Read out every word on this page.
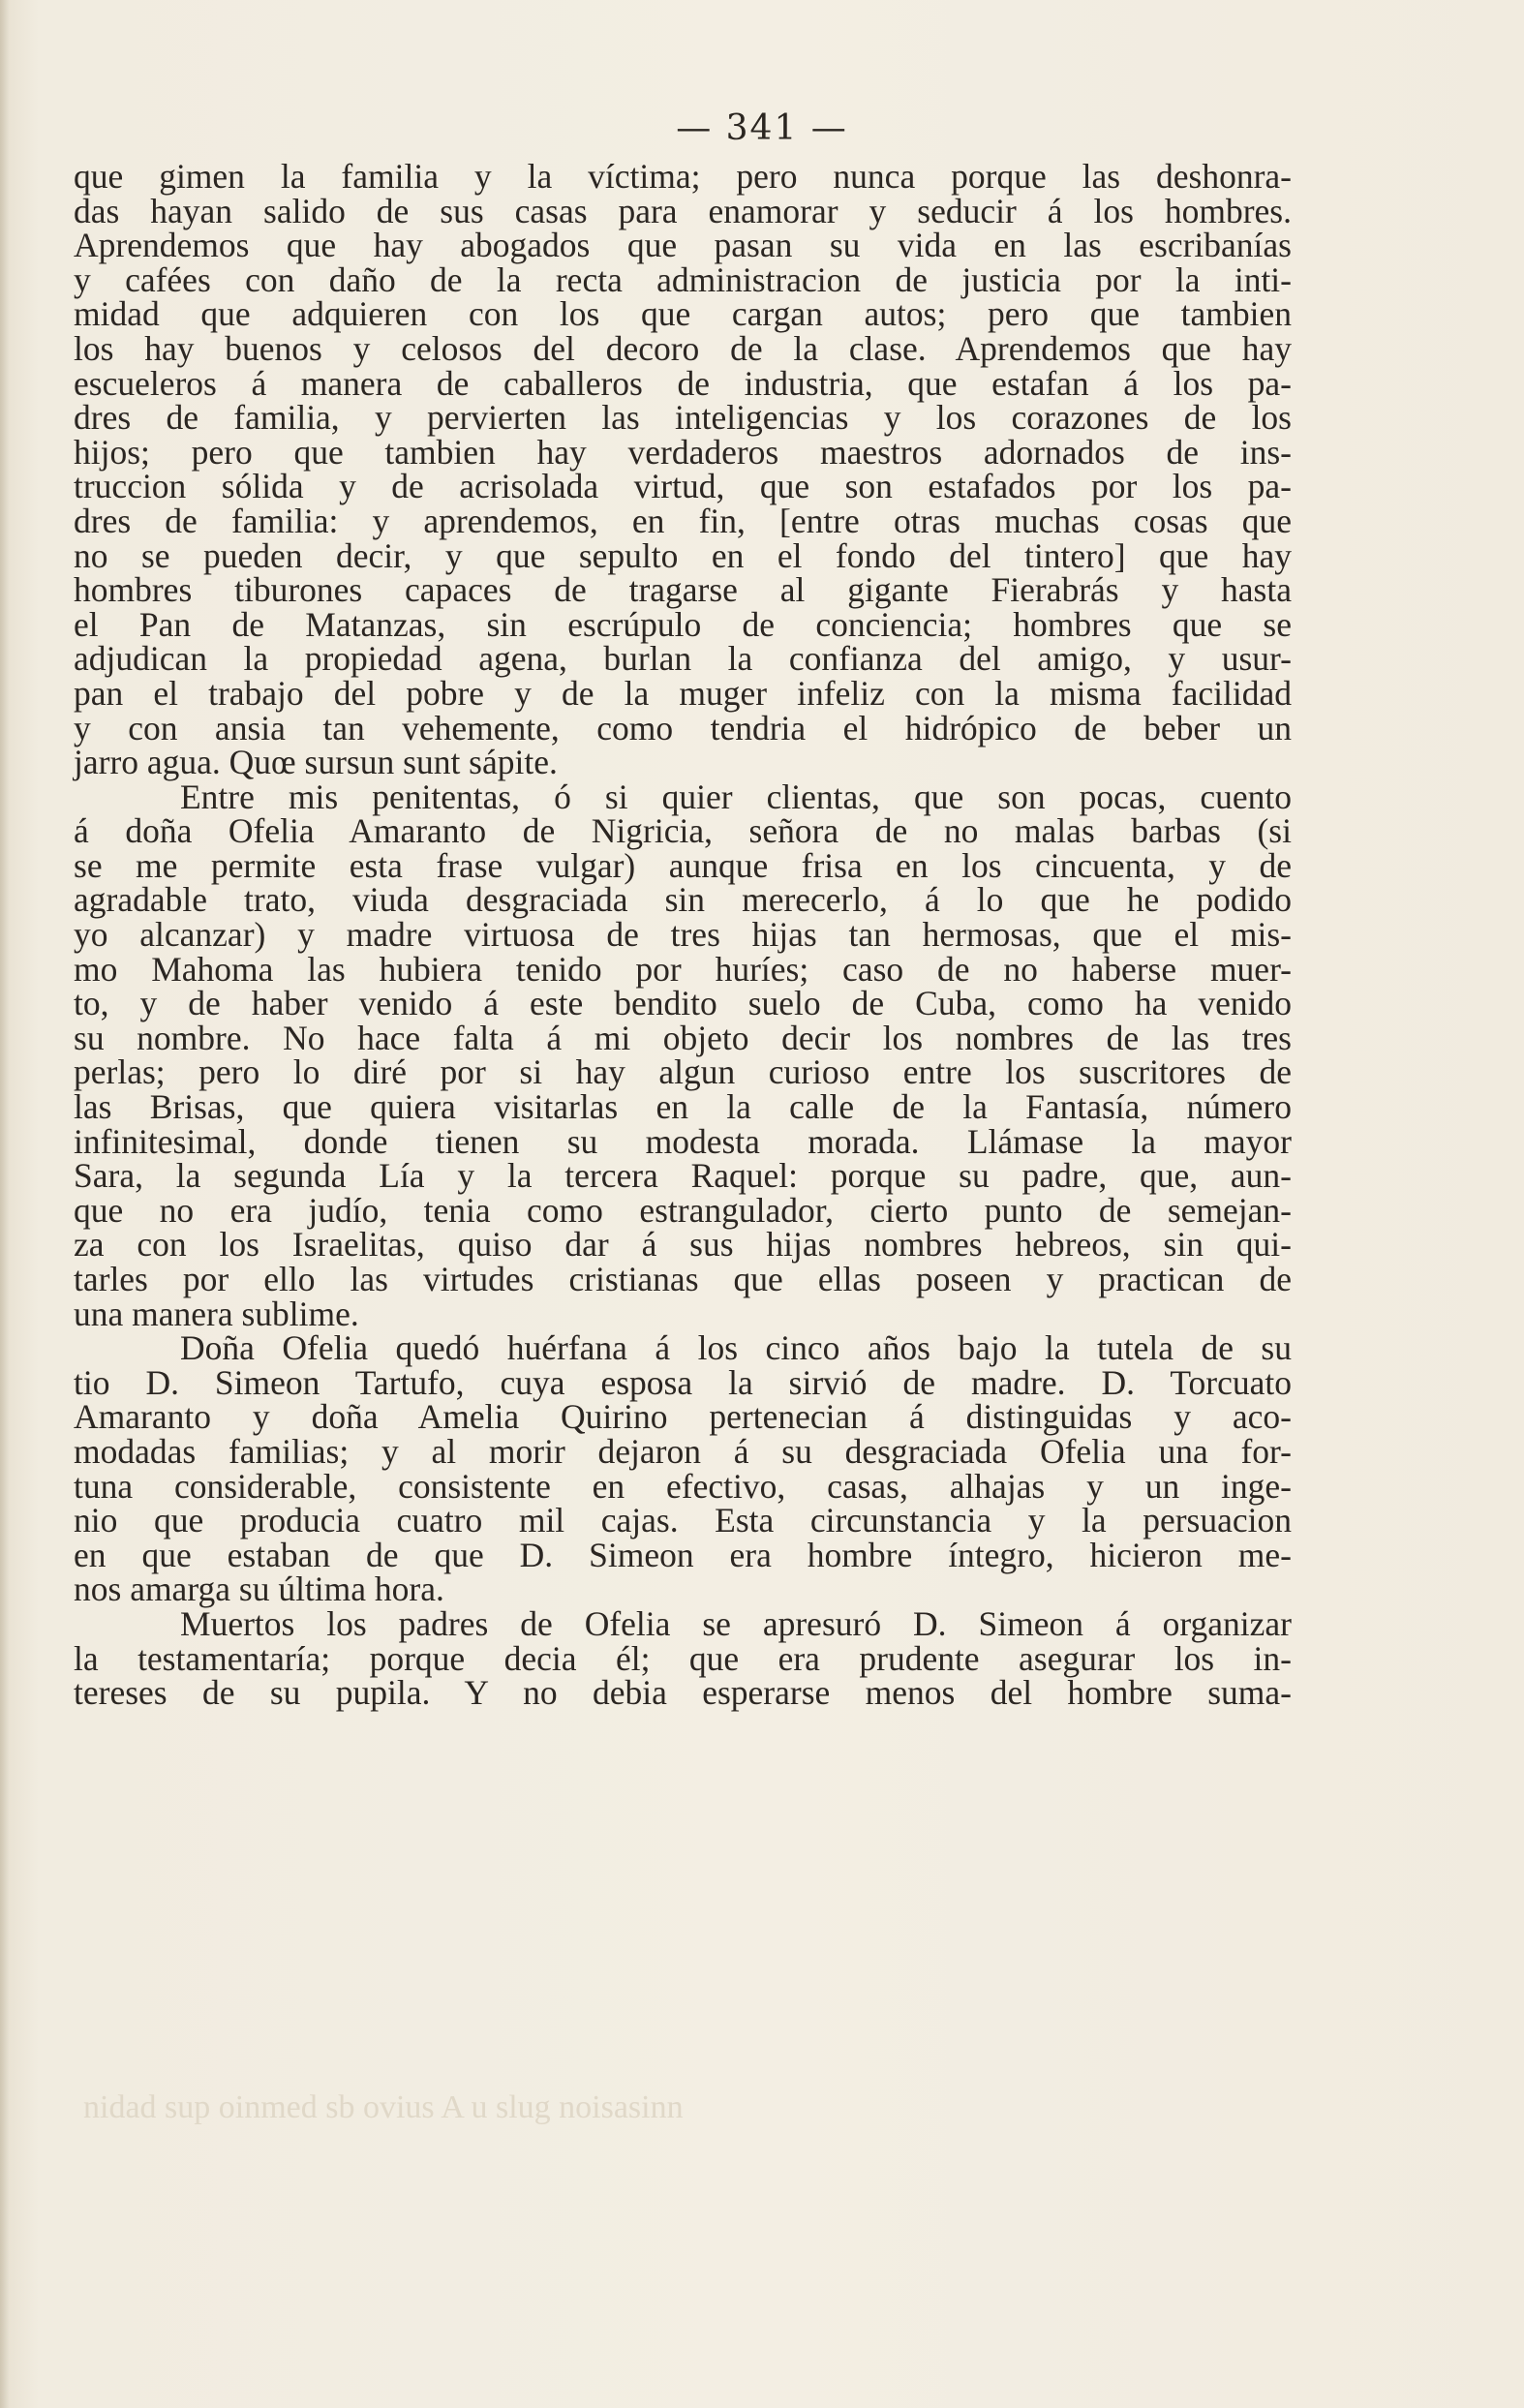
— 341 —
que gimen la familia y la víctima; pero nunca porque las deshonra-
das hayan salido de sus casas para enamorar y seducir á los hombres.
Aprendemos que hay abogados que pasan su vida en las escribanías
y cafées con daño de la recta administracion de justicia por la inti-
midad que adquieren con los que cargan autos; pero que tambien
los hay buenos y celosos del decoro de la clase. Aprendemos que hay
escueleros á manera de caballeros de industria, que estafan á los pa-
dres de familia, y pervierten las inteligencias y los corazones de los
hijos; pero que tambien hay verdaderos maestros adornados de ins-
truccion sólida y de acrisolada virtud, que son estafados por los pa-
dres de familia: y aprendemos, en fin, [entre otras muchas cosas que
no se pueden decir, y que sepulto en el fondo del tintero] que hay
hombres tiburones capaces de tragarse al gigante Fierabrás y hasta
el Pan de Matanzas, sin escrúpulo de conciencia; hombres que se
adjudican la propiedad agena, burlan la confianza del amigo, y usur-
pan el trabajo del pobre y de la muger infeliz con la misma facilidad
y con ansia tan vehemente, como tendria el hidrópico de beber un
jarro agua. Quœ sursun sunt sápite.
Entre mis penitentas, ó si quier clientas, que son pocas, cuento
á doña Ofelia Amaranto de Nigricia, señora de no malas barbas (si
se me permite esta frase vulgar) aunque frisa en los cincuenta, y de
agradable trato, viuda desgraciada sin merecerlo, á lo que he podido
yo alcanzar) y madre virtuosa de tres hijas tan hermosas, que el mis-
mo Mahoma las hubiera tenido por huríes; caso de no haberse muer-
to, y de haber venido á este bendito suelo de Cuba, como ha venido
su nombre. No hace falta á mi objeto decir los nombres de las tres
perlas; pero lo diré por si hay algun curioso entre los suscritores de
las Brisas, que quiera visitarlas en la calle de la Fantasía, número
infinitesimal, donde tienen su modesta morada. Llámase la mayor
Sara, la segunda Lía y la tercera Raquel: porque su padre, que, aun-
que no era judío, tenia como estrangulador, cierto punto de semejan-
za con los Israelitas, quiso dar á sus hijas nombres hebreos, sin qui-
tarles por ello las virtudes cristianas que ellas poseen y practican de
una manera sublime.
Doña Ofelia quedó huérfana á los cinco años bajo la tutela de su
tio D. Simeon Tartufo, cuya esposa la sirvió de madre. D. Torcuato
Amaranto y doña Amelia Quirino pertenecian á distinguidas y aco-
modadas familias; y al morir dejaron á su desgraciada Ofelia una for-
tuna considerable, consistente en efectivo, casas, alhajas y un inge-
nio que producia cuatro mil cajas. Esta circunstancia y la persuacion
en que estaban de que D. Simeon era hombre íntegro, hicieron me-
nos amarga su última hora.
Muertos los padres de Ofelia se apresuró D. Simeon á organizar
la testamentaría; porque decia él; que era prudente asegurar los in-
tereses de su pupila. Y no debia esperarse menos del hombre suma-
nidad sup oinmed sb ovius A u slug noisasinn
